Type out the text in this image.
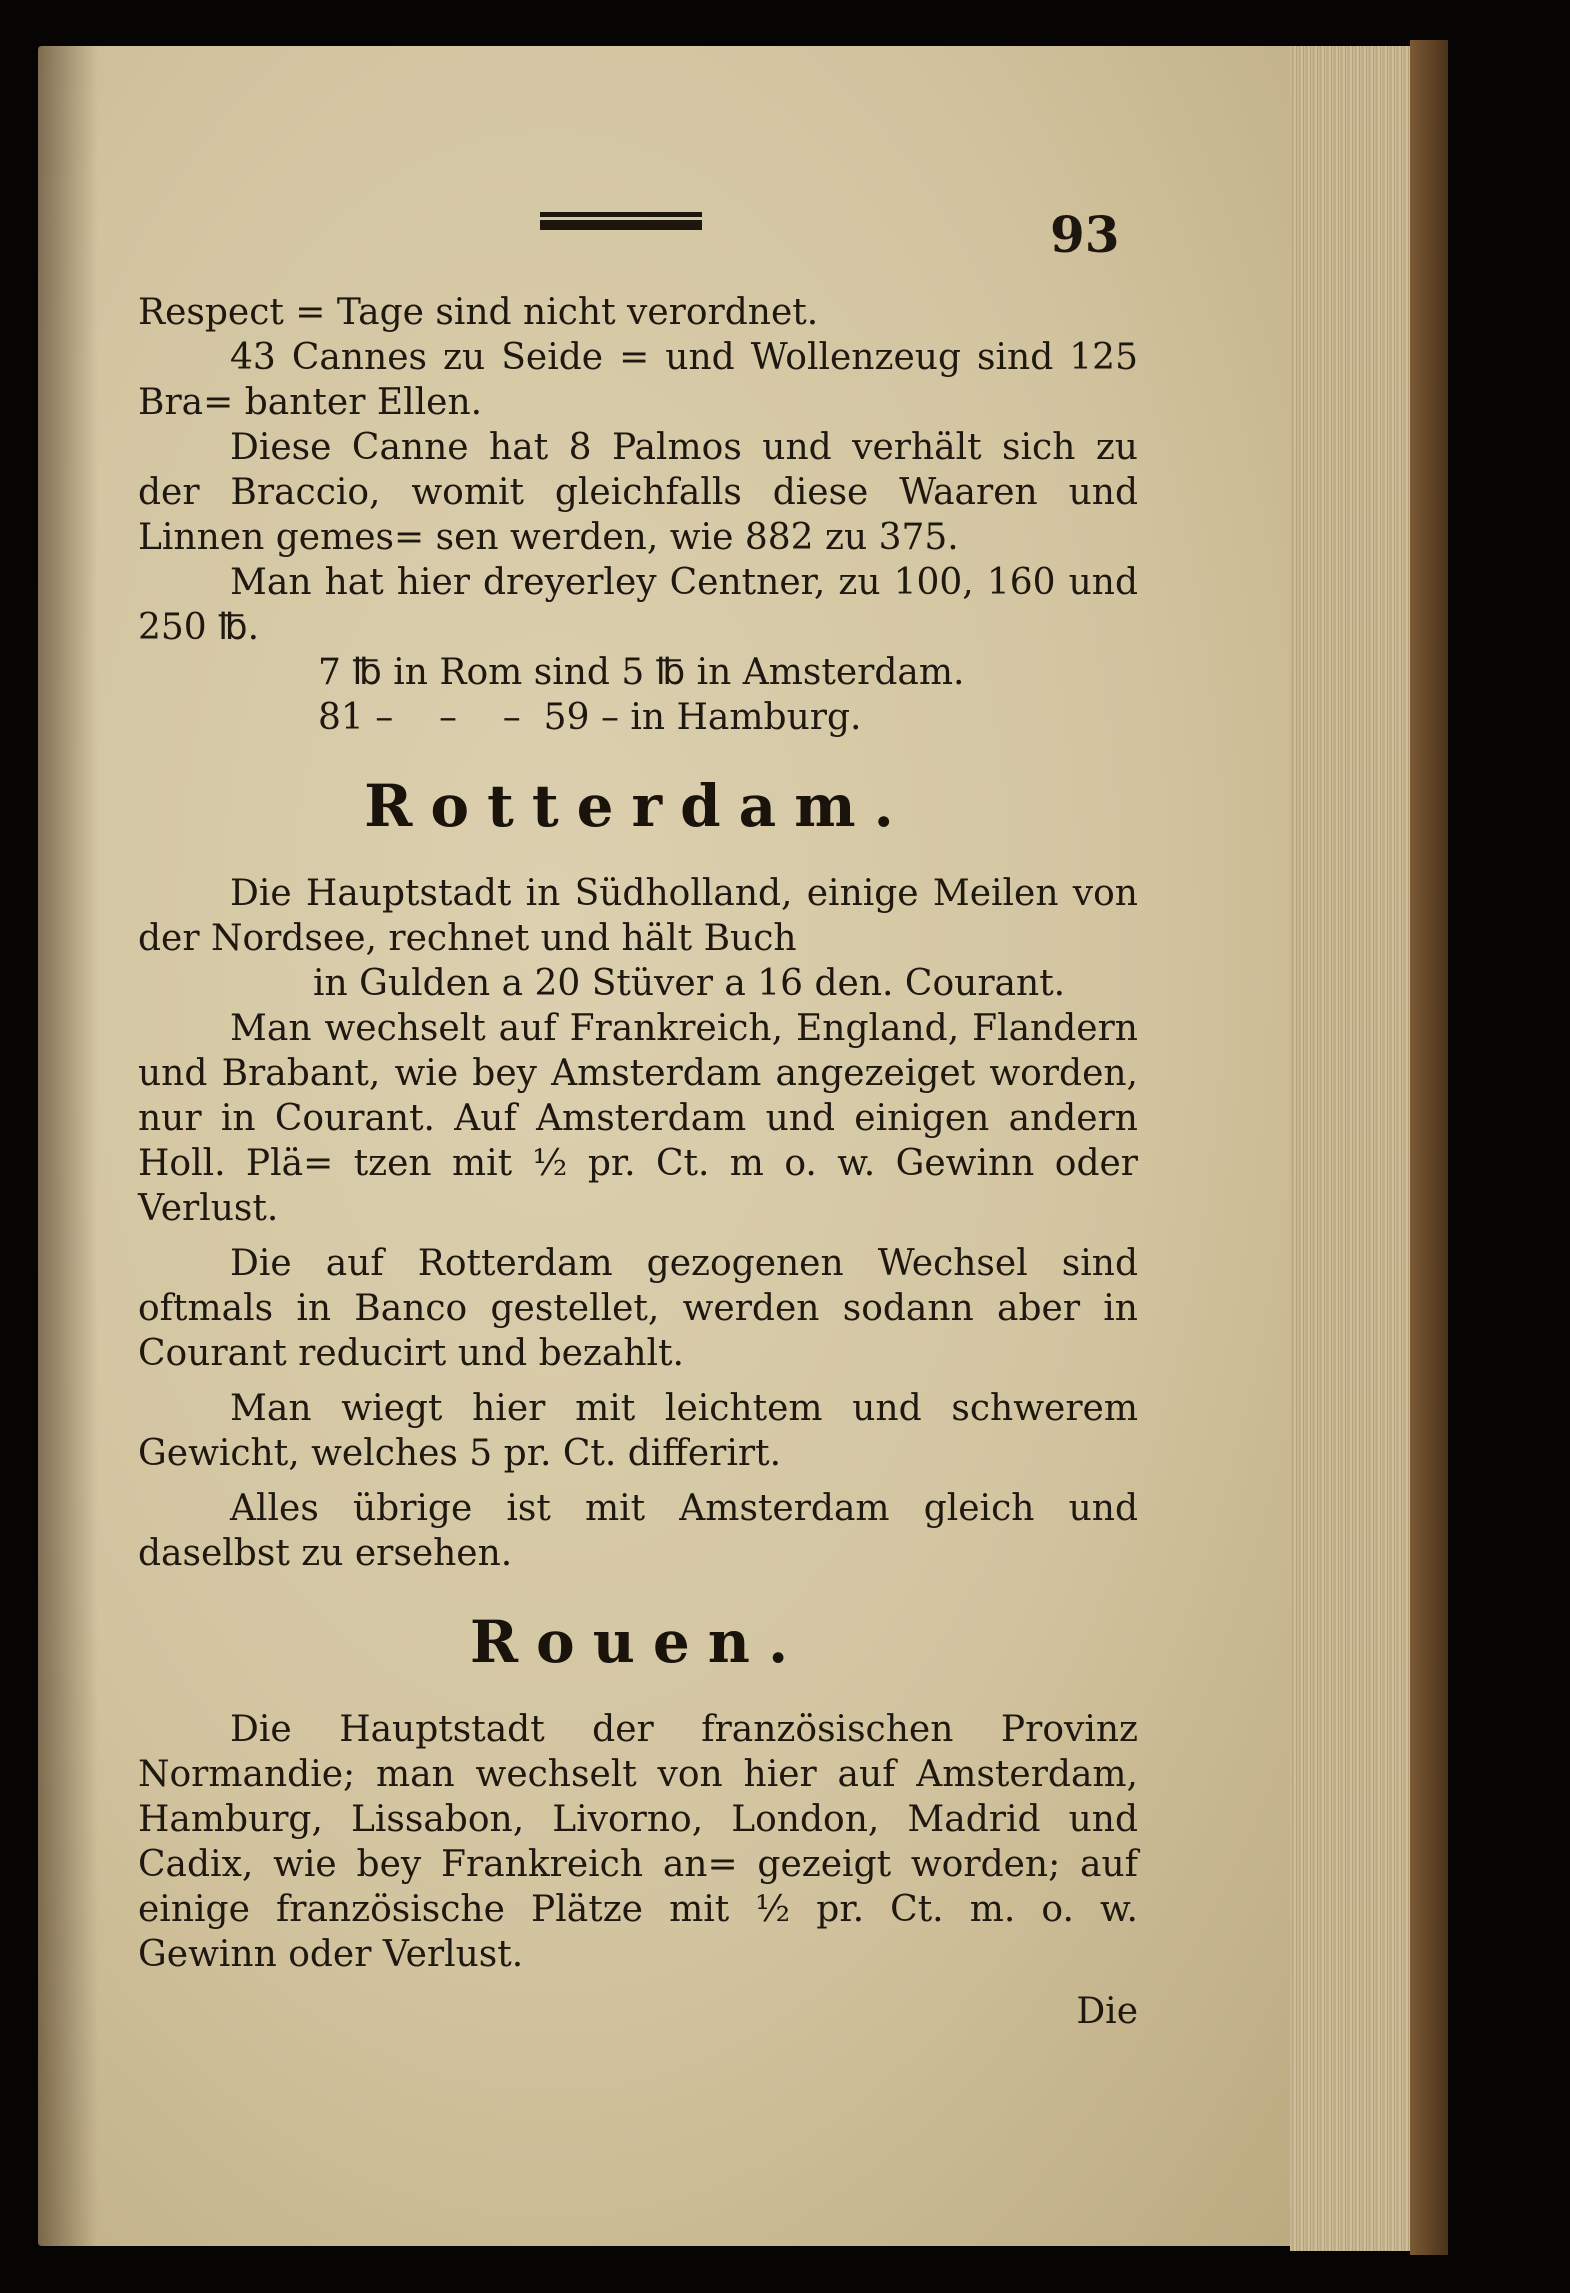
93

Respect = Tage sind nicht verordnet.

43 Cannes zu Seide = und Wollenzeug sind 125 Bra= banter Ellen.

Diese Canne hat 8 Palmos und verhält sich zu der Braccio, womit gleichfalls diese Waaren und Linnen gemes= sen werden, wie 882 zu 375.

Man hat hier dreyerley Centner, zu 100, 160 und 250 ℔.

7 ℔ in Rom sind 5 ℔ in Amsterdam.
81 –    –    –  59 – in Hamburg.
Rotterdam.

Die Hauptstadt in Südholland, einige Meilen von der Nordsee, rechnet und hält Buch

in Gulden a 20 Stüver a 16 den. Courant.

Man wechselt auf Frankreich, England, Flandern und Brabant, wie bey Amsterdam angezeiget worden, nur in Courant. Auf Amsterdam und einigen andern Holl. Plä= tzen mit ½ pr. Ct. m o. w. Gewinn oder Verlust.

Die auf Rotterdam gezogenen Wechsel sind oftmals in Banco gestellet, werden sodann aber in Courant reducirt und bezahlt.

Man wiegt hier mit leichtem und schwerem Gewicht, welches 5 pr. Ct. differirt.

Alles übrige ist mit Amsterdam gleich und daselbst zu ersehen.

Rouen.

Die Hauptstadt der französischen Provinz Normandie; man wechselt von hier auf Amsterdam, Hamburg, Lissabon, Livorno, London, Madrid und Cadix, wie bey Frankreich an= gezeigt worden; auf einige französische Plätze mit ½ pr. Ct. m. o. w. Gewinn oder Verlust.

Die
